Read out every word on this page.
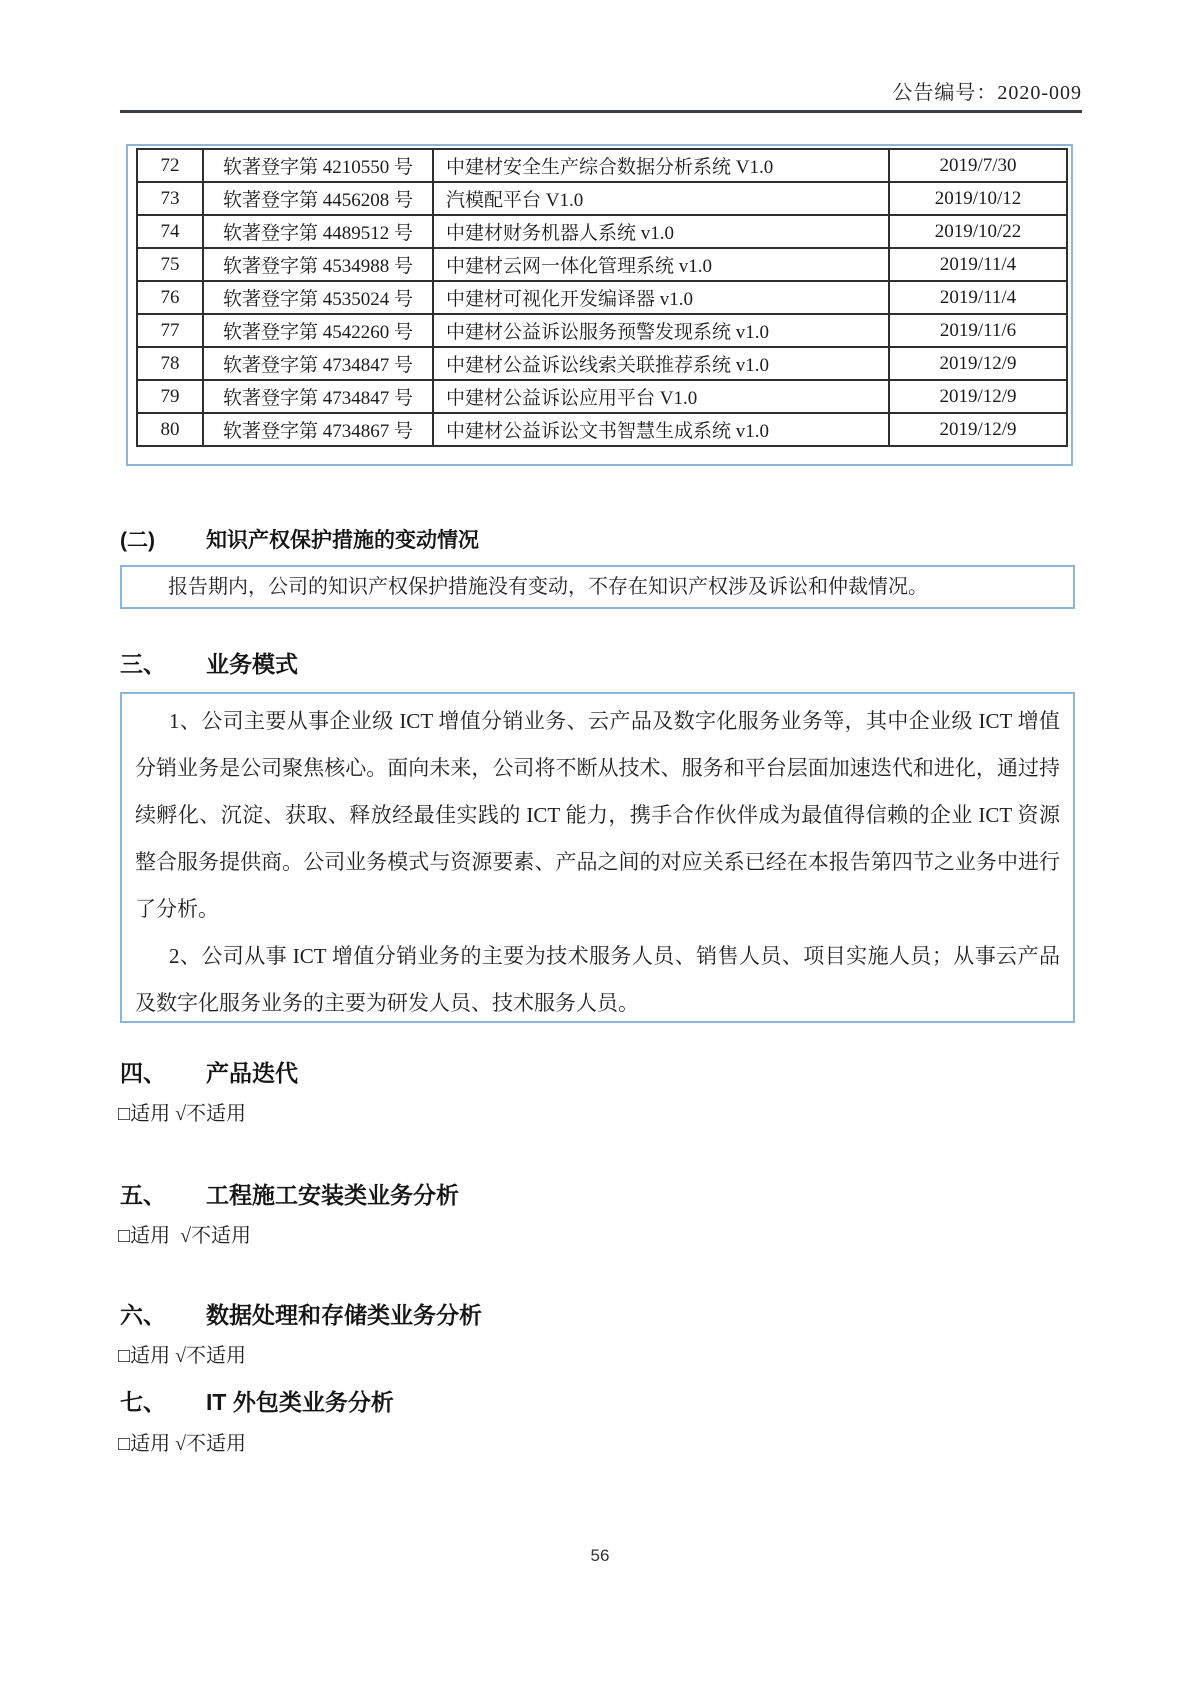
公告编号：2020-009
72	软著登字第 4210550 号	中建材安全生产综合数据分析系统 V1.0	2019/7/30
73	软著登字第 4456208 号	汽模配平台 V1.0	2019/10/12
74	软著登字第 4489512 号	中建材财务机器人系统 v1.0	2019/10/22
75	软著登字第 4534988 号	中建材云网一体化管理系统 v1.0	2019/11/4
76	软著登字第 4535024 号	中建材可视化开发编译器 v1.0	2019/11/4
77	软著登字第 4542260 号	中建材公益诉讼服务预警发现系统 v1.0	2019/11/6
78	软著登字第 4734847 号	中建材公益诉讼线索关联推荐系统 v1.0	2019/12/9
79	软著登字第 4734847 号	中建材公益诉讼应用平台 V1.0	2019/12/9
80	软著登字第 4734867 号	中建材公益诉讼文书智慧生成系统 v1.0	2019/12/9
(二) 知识产权保护措施的变动情况

报告期内，公司的知识产权保护措施没有变动，不存在知识产权涉及诉讼和仲裁情况。

三、 业务模式

1、公司主要从事企业级 ICT 增值分销业务、云产品及数字化服务业务等，其中企业级 ICT 增值分销业务是公司聚焦核心。面向未来，公司将不断从技术、服务和平台层面加速迭代和进化，通过持续孵化、沉淀、获取、释放经最佳实践的 ICT 能力，携手合作伙伴成为最值得信赖的企业 ICT 资源整合服务提供商。公司业务模式与资源要素、产品之间的对应关系已经在本报告第四节之业务中进行了分析。

2、公司从事 ICT 增值分销业务的主要为技术服务人员、销售人员、项目实施人员；从事云产品及数字化服务业务的主要为研发人员、技术服务人员。

四、 产品迭代
□适用 √不适用
五、 工程施工安装类业务分析
□适用  √不适用
六、 数据处理和存储类业务分析
□适用 √不适用
七、 IT 外包类业务分析
□适用 √不适用
56
